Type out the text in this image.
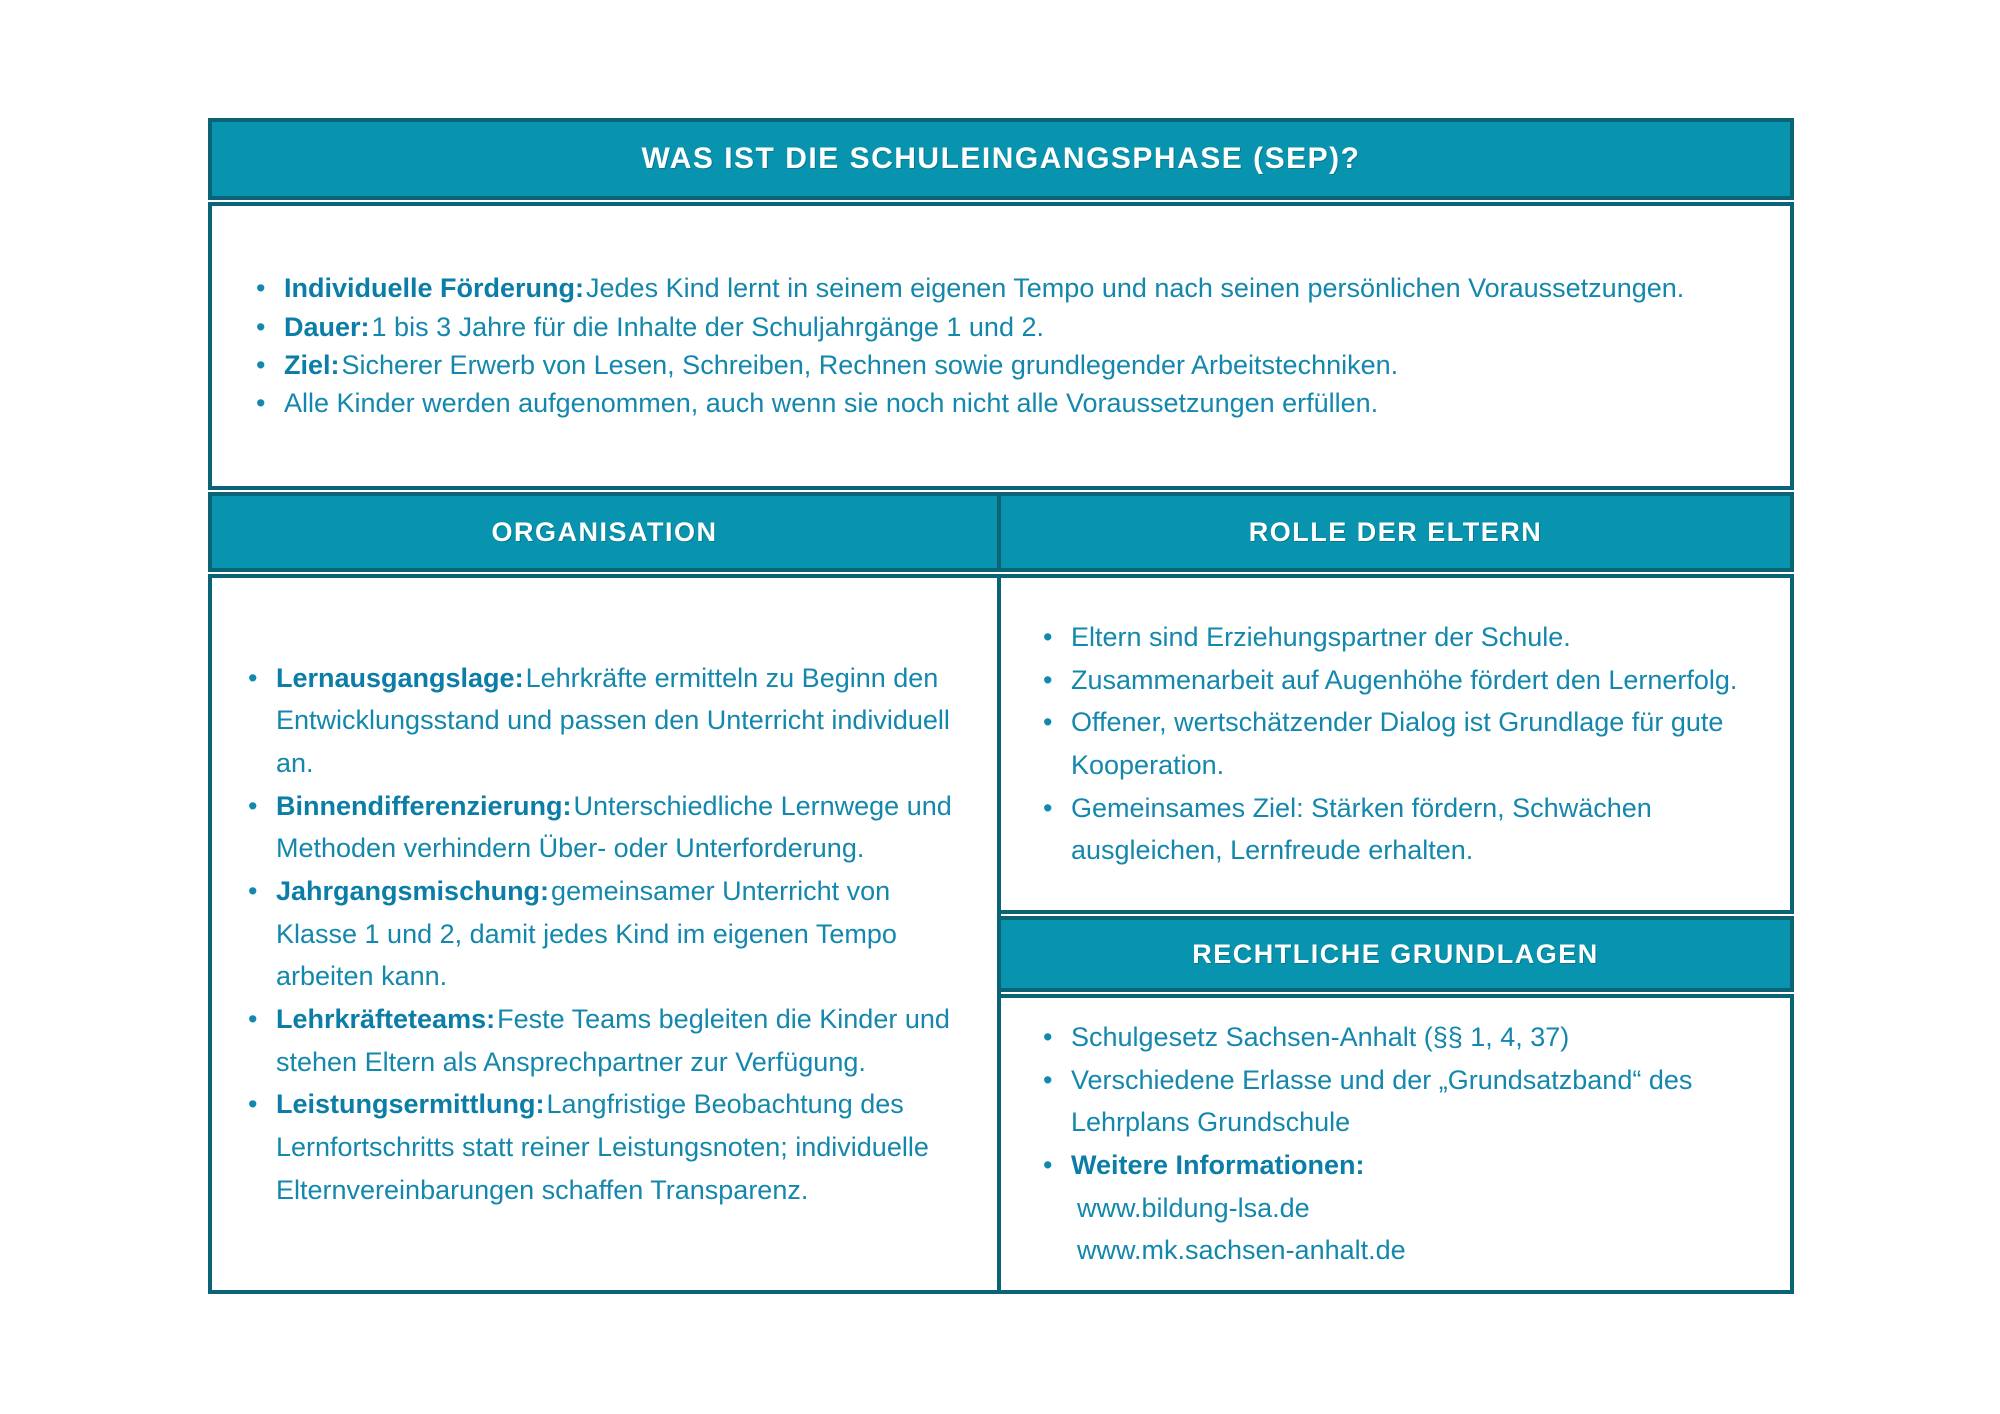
WAS IST DIE SCHULEINGANGSPHASE (SEP)?
• Individuelle Förderung:Jedes Kind lernt in seinem eigenen Tempo und nach seinen persönlichen Voraussetzungen.
• Dauer:1 bis 3 Jahre für die Inhalte der Schuljahrgänge 1 und 2.
• Ziel:Sicherer Erwerb von Lesen, Schreiben, Rechnen sowie grundlegender Arbeitstechniken.
• Alle Kinder werden aufgenommen, auch wenn sie noch nicht alle Voraussetzungen erfüllen.
ORGANISATION
• Lernausgangslage:Lehrkräfte ermitteln zu Beginn den Entwicklungsstand und passen den Unterricht individuell an.
• Binnendifferenzierung:Unterschiedliche Lernwege und Methoden verhindern Über- oder Unterforderung.
• Jahrgangsmischung:gemeinsamer Unterricht von Klasse 1 und 2, damit jedes Kind im eigenen Tempo arbeiten kann.
• Lehrkräfteteams:Feste Teams begleiten die Kinder und stehen Eltern als Ansprechpartner zur Verfügung.
• Leistungsermittlung:Langfristige Beobachtung des Lernfortschritts statt reiner Leistungsnoten; individuelle Elternvereinbarungen schaffen Transparenz.
ROLLE DER ELTERN
• Eltern sind Erziehungspartner der Schule.
• Zusammenarbeit auf Augenhöhe fördert den Lernerfolg.
• Offener, wertschätzender Dialog ist Grundlage für gute Kooperation.
• Gemeinsames Ziel: Stärken fördern, Schwächen ausgleichen, Lernfreude erhalten.
RECHTLICHE GRUNDLAGEN
• Schulgesetz Sachsen-Anhalt (§§ 1, 4, 37)
• Verschiedene Erlasse und der „Grundsatzband“ des Lehrplans Grundschule
• Weitere Informationen:
www.bildung-lsa.de
www.mk.sachsen-anhalt.de
